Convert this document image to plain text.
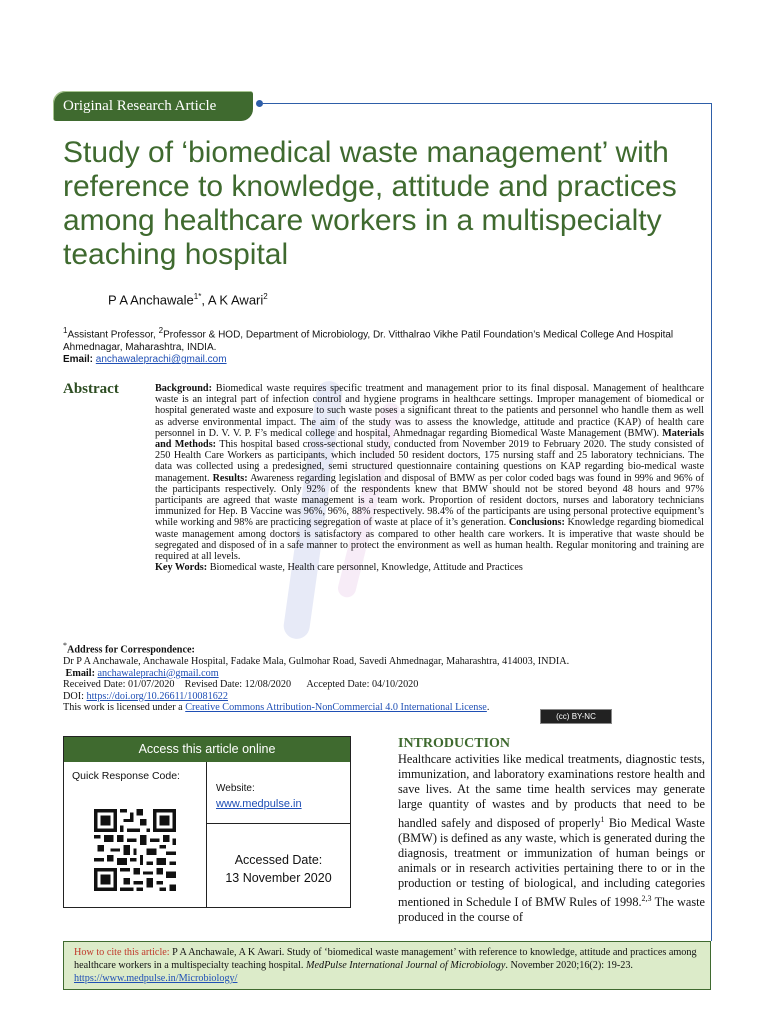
Original Research Article
Study of ‘biomedical waste management’ with reference to knowledge, attitude and practices among healthcare workers in a multispecialty teaching hospital
P A Anchawale$^{1*}$, A K Awari$^2$
$^1$Assistant Professor, $^2$Professor & HOD, Department of Microbiology, Dr. Vitthalrao Vikhe Patil Foundation’s Medical College And Hospital Ahmednagar, Maharashtra, INDIA.
Email: anchawaleprachi@gmail.com
Abstract	Background: Biomedical waste requires specific treatment and management prior to its final disposal. Management of healthcare waste is an integral part of infection control and hygiene programs in healthcare settings. Improper management of biomedical or hospital generated waste and exposure to such waste poses a significant threat to the patients and personnel who handle them as well as adverse environmental impact. The aim of the study was to assess the knowledge, attitude and practice (KAP) of health care personnel in D. V. V. P. F’s medical college and hospital, Ahmednagar regarding Biomedical Waste Management (BMW). Materials and Methods: This hospital based cross-sectional study, conducted from November 2019 to February 2020. The study consisted of 250 Health Care Workers as participants, which included 50 resident doctors, 175 nursing staff and 25 laboratory technicians. The data was collected using a predesigned, semi structured questionnaire containing questions on KAP regarding bio-medical waste management. Results: Awareness regarding legislation and disposal of BMW as per color coded bags was found in 99% and 96% of the participants respectively. Only 92% of the respondents knew that BMW should not be stored beyond 48 hours and 97% participants are agreed that waste management is a team work. Proportion of resident doctors, nurses and laboratory technicians immunized for Hep. B Vaccine was 96%, 96%, 88% respectively. 98.4% of the participants are using personal protective equipment’s while working and 98% are practicing segregation of waste at place of it’s generation. Conclusions: Knowledge regarding biomedical waste management among doctors is satisfactory as compared to other health care workers. It is imperative that waste should be segregated and disposed of in a safe manner to protect the environment as well as human health. Regular monitoring and training are required at all levels.
Key Words: Biomedical waste, Health care personnel, Knowledge, Attitude and Practices
*Address for Correspondence:
Dr P A Anchawale, Anchawale Hospital, Fadake Mala, Gulmohar Road, Savedi Ahmednagar, Maharashtra, 414003, INDIA.
Email: anchawaleprachi@gmail.com
Received Date: 01/07/2020 Revised Date: 12/08/2020 Accepted Date: 04/10/2020
DOI: https://doi.org/10.26611/10081622
This work is licensed under a Creative Commons Attribution-NonCommercial 4.0 International License.
(cc) BY-NC
Access this article online
Quick Response Code:
Website:
www.medpulse.in
Accessed Date:
13 November 2020
INTRODUCTION
Healthcare activities like medical treatments, diagnostic tests, immunization, and laboratory examinations restore health and save lives. At the same time health services may generate large quantity of wastes and by products that need to be handled safely and disposed of properly$^1$ Bio Medical Waste (BMW) is defined as any waste, which is generated during the diagnosis, treatment or immunization of human beings or animals or in research activities pertaining there to or in the production or testing of biological, and including categories mentioned in Schedule I of BMW Rules of 1998.$^{2,3}$ The waste produced in the course of
How to cite this article: P A Anchawale, A K Awari. Study of ‘biomedical waste management’ with reference to knowledge, attitude and practices among healthcare workers in a multispecialty teaching hospital. MedPulse International Journal of Microbiology. November 2020;16(2): 19-23. https://www.medpulse.in/Microbiology/
